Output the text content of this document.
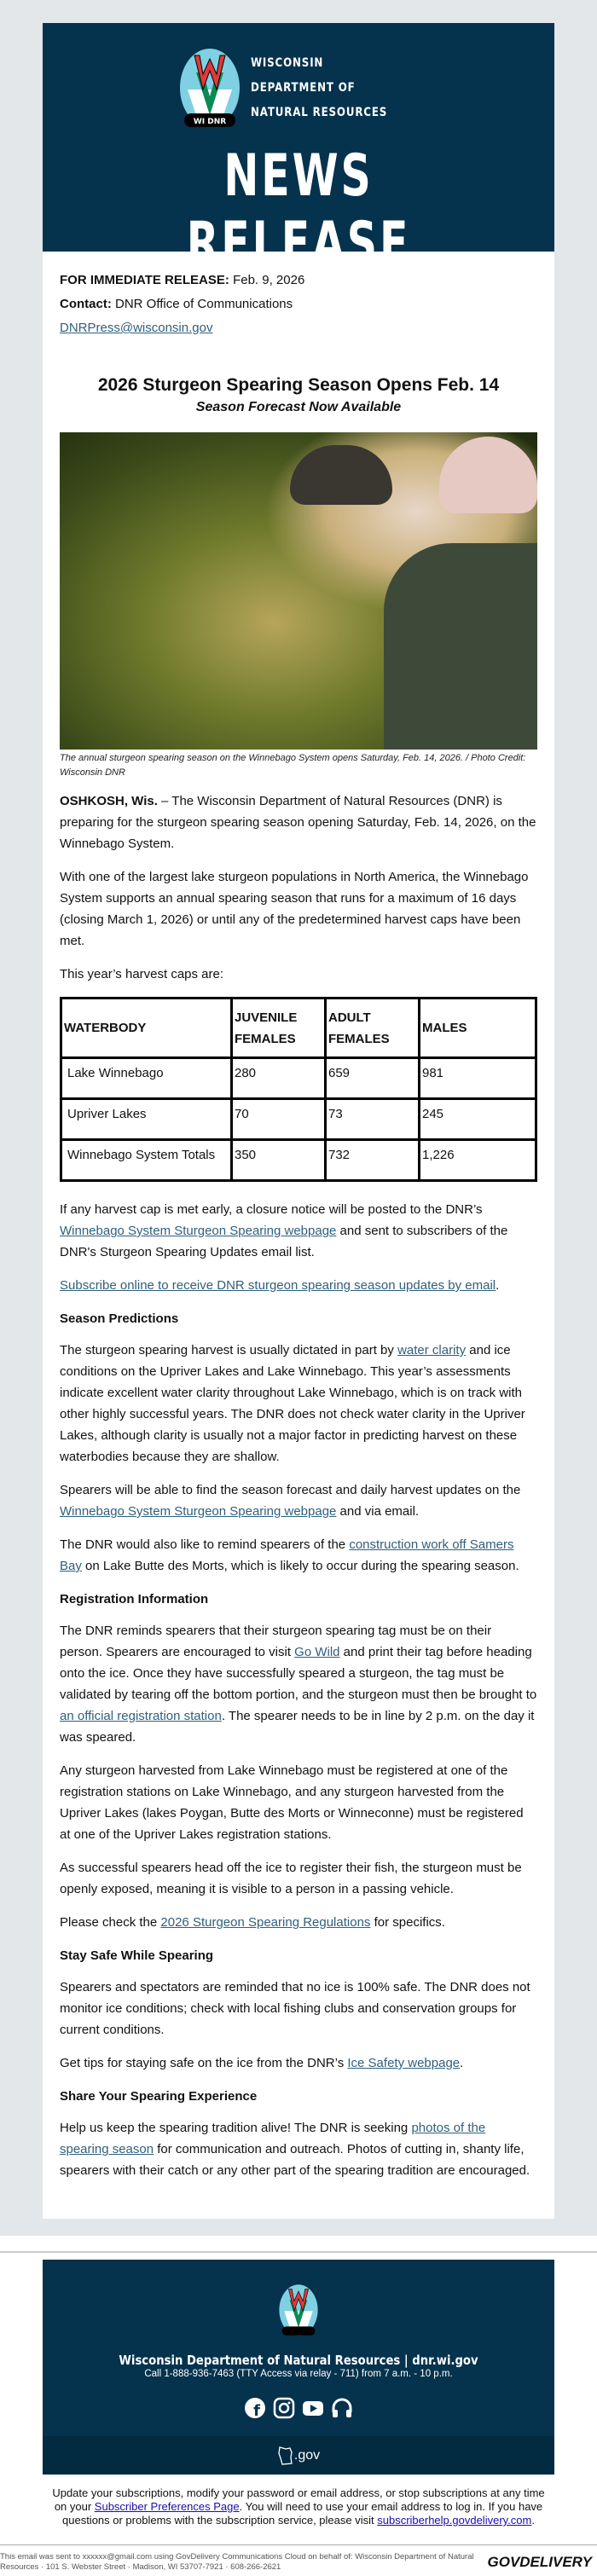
WI DNR
WISCONSIN
DEPARTMENT OF
NATURAL RESOURCES
NEWS RELEASE
FOR IMMEDIATE RELEASE: Feb. 9, 2026
Contact: DNR Office of Communications
DNRPress@wisconsin.gov
2026 Sturgeon Spearing Season Opens Feb. 14
Season Forecast Now Available
The annual sturgeon spearing season on the Winnebago System opens Saturday, Feb. 14, 2026. / Photo Credit: Wisconsin DNR

OSHKOSH, Wis. – The Wisconsin Department of Natural Resources (DNR) is preparing for the sturgeon spearing season opening Saturday, Feb. 14, 2026, on the Winnebago System.

With one of the largest lake sturgeon populations in North America, the Winnebago System supports an annual spearing season that runs for a maximum of 16 days (closing March 1, 2026) or until any of the predetermined harvest caps have been met.

This year’s harvest caps are:

WATERBODY	JUVENILE FEMALES	ADULT FEMALES	MALES
Lake Winnebago	280	659	981
Upriver Lakes	70	73	245
Winnebago System Totals	350	732	1,226

If any harvest cap is met early, a closure notice will be posted to the DNR’s Winnebago System Sturgeon Spearing webpage and sent to subscribers of the DNR's Sturgeon Spearing Updates email list.

Subscribe online to receive DNR sturgeon spearing season updates by email.

Season Predictions

The sturgeon spearing harvest is usually dictated in part by water clarity and ice conditions on the Upriver Lakes and Lake Winnebago. This year’s assessments indicate excellent water clarity throughout Lake Winnebago, which is on track with other highly successful years. The DNR does not check water clarity in the Upriver Lakes, although clarity is usually not a major factor in predicting harvest on these waterbodies because they are shallow.

Spearers will be able to find the season forecast and daily harvest updates on the Winnebago System Sturgeon Spearing webpage and via email.

The DNR would also like to remind spearers of the construction work off Samers Bay on Lake Butte des Morts, which is likely to occur during the spearing season.

Registration Information

The DNR reminds spearers that their sturgeon spearing tag must be on their person. Spearers are encouraged to visit Go Wild and print their tag before heading onto the ice. Once they have successfully speared a sturgeon, the tag must be validated by tearing off the bottom portion, and the sturgeon must then be brought to an official registration station. The spearer needs to be in line by 2 p.m. on the day it was speared.

Any sturgeon harvested from Lake Winnebago must be registered at one of the registration stations on Lake Winnebago, and any sturgeon harvested from the Upriver Lakes (lakes Poygan, Butte des Morts or Winneconne) must be registered at one of the Upriver Lakes registration stations.

As successful spearers head off the ice to register their fish, the sturgeon must be openly exposed, meaning it is visible to a person in a passing vehicle.

Please check the 2026 Sturgeon Spearing Regulations for specifics.

Stay Safe While Spearing

Spearers and spectators are reminded that no ice is 100% safe. The DNR does not monitor ice conditions; check with local fishing clubs and conservation groups for current conditions.

Get tips for staying safe on the ice from the DNR’s Ice Safety webpage.

Share Your Spearing Experience

Help us keep the spearing tradition alive! The DNR is seeking photos of the spearing season for communication and outreach. Photos of cutting in, shanty life, spearers with their catch or any other part of the spearing tradition are encouraged.

Wisconsin Department of Natural Resources | dnr.wi.gov
Call 1-888-936-7463 (TTY Access via relay - 711) from 7 a.m. - 10 p.m.
f
.gov
Update your subscriptions, modify your password or email address, or stop subscriptions at any time on your Subscriber Preferences Page. You will need to use your email address to log in. If you have questions or problems with the subscription service, please visit subscriberhelp.govdelivery.com.
This email was sent to xxxxxx@gmail.com using GovDelivery Communications Cloud on behalf of: Wisconsin Department of Natural Resources · 101 S. Webster Street · Madison, WI 53707-7921 · 608-266-2621	GOVDELIVERY
